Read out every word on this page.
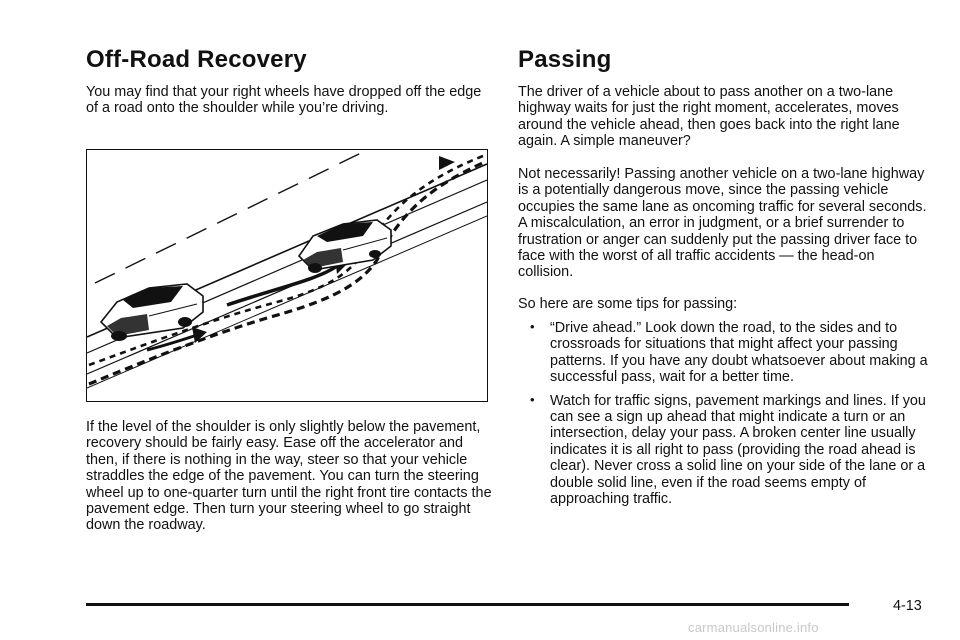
Off-Road Recovery

You may find that your right wheels have dropped off the edge of a road onto the shoulder while you’re driving.

If the level of the shoulder is only slightly below the pavement, recovery should be fairly easy. Ease off the accelerator and then, if there is nothing in the way, steer so that your vehicle straddles the edge of the pavement. You can turn the steering wheel up to one-quarter turn until the right front tire contacts the pavement edge. Then turn your steering wheel to go straight down the roadway.

Passing

The driver of a vehicle about to pass another on a two-lane highway waits for just the right moment, accelerates, moves around the vehicle ahead, then goes back into the right lane again. A simple maneuver?

Not necessarily! Passing another vehicle on a two-lane highway is a potentially dangerous move, since the passing vehicle occupies the same lane as oncoming traffic for several seconds. A miscalculation, an error in judgment, or a brief surrender to frustration or anger can suddenly put the passing driver face to face with the worst of all traffic accidents — the head-on collision.

So here are some tips for passing:

• “Drive ahead.” Look down the road, to the sides and to crossroads for situations that might affect your passing patterns. If you have any doubt whatsoever about making a successful pass, wait for a better time.

• Watch for traffic signs, pavement markings and lines. If you can see a sign up ahead that might indicate a turn or an intersection, delay your pass. A broken center line usually indicates it is all right to pass (providing the road ahead is clear). Never cross a solid line on your side of the lane or a double solid line, even if the road seems empty of approaching traffic.

4-13
carmanualsonline.info
